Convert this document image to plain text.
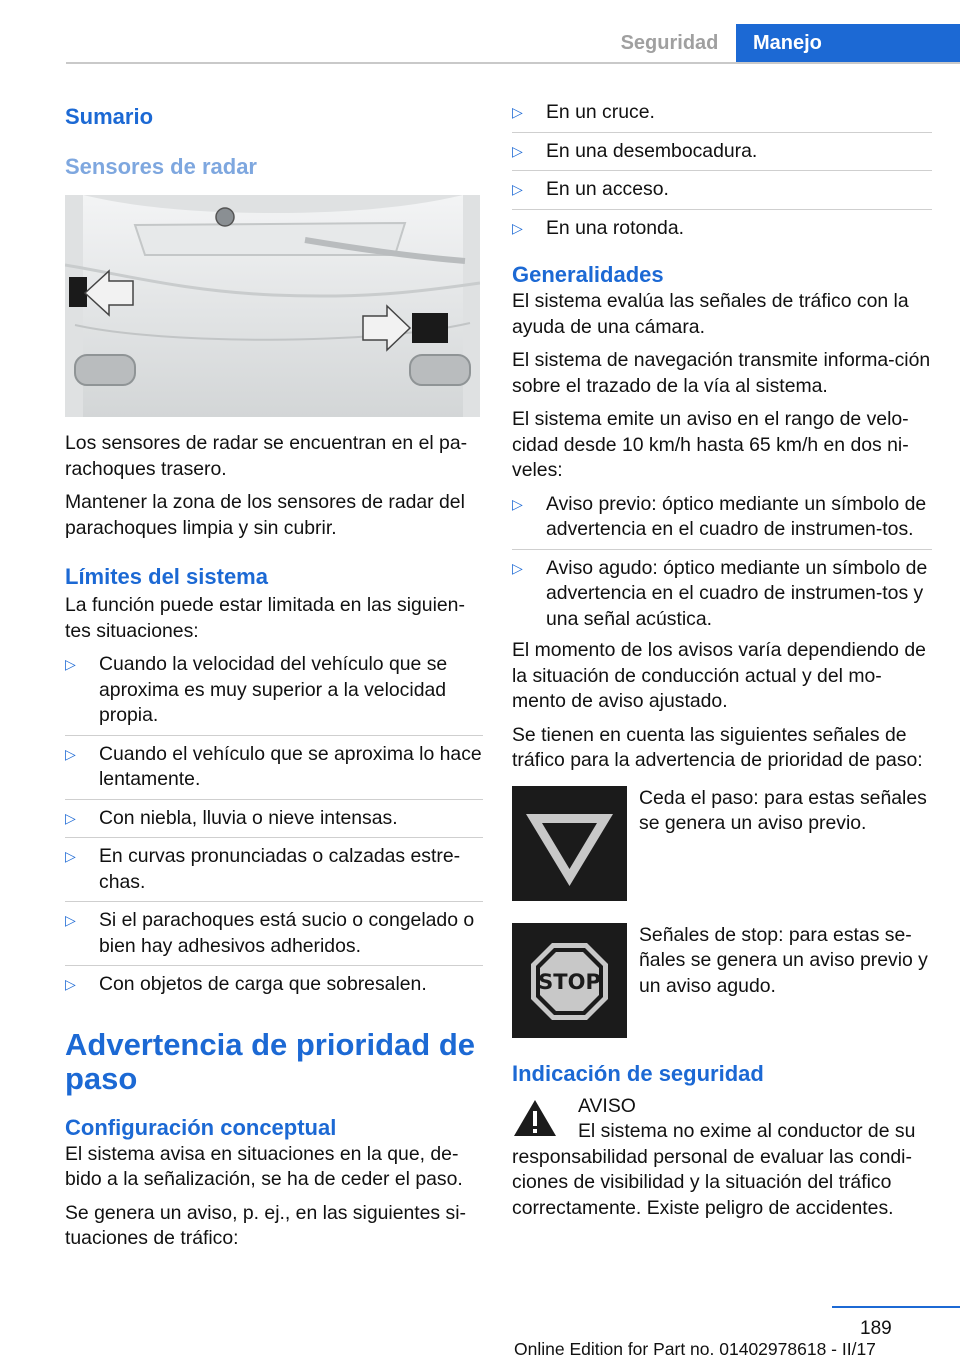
Seguridad	Manejo
Sumario
Sensores de radar
Los sensores de radar se encuentran en el pa-rachoques trasero.
Mantener la zona de los sensores de radar del parachoques limpia y sin cubrir.
Límites del sistema
La función puede estar limitada en las siguien-tes situaciones:
▷ Cuando la velocidad del vehículo que se aproxima es muy superior a la velocidad propia.
▷ Cuando el vehículo que se aproxima lo hace lentamente.
▷ Con niebla, lluvia o nieve intensas.
▷ En curvas pronunciadas o calzadas estre-chas.
▷ Si el parachoques está sucio o congelado o bien hay adhesivos adheridos.
▷ Con objetos de carga que sobresalen.
Advertencia de prioridad de paso
Configuración conceptual
El sistema avisa en situaciones en la que, de-bido a la señalización, se ha de ceder el paso.
Se genera un aviso, p. ej., en las siguientes si-tuaciones de tráfico:
▷ En un cruce.
▷ En una desembocadura.
▷ En un acceso.
▷ En una rotonda.
Generalidades
El sistema evalúa las señales de tráfico con la ayuda de una cámara.
El sistema de navegación transmite informa-ción sobre el trazado de la vía al sistema.
El sistema emite un aviso en el rango de velo-cidad desde 10 km/h hasta 65 km/h en dos ni-veles:
▷ Aviso previo: óptico mediante un símbolo de advertencia en el cuadro de instrumen-tos.
▷ Aviso agudo: óptico mediante un símbolo de advertencia en el cuadro de instrumen-tos y una señal acústica.
El momento de los avisos varía dependiendo de la situación de conducción actual y del mo-mento de aviso ajustado.
Se tienen en cuenta las siguientes señales de tráfico para la advertencia de prioridad de paso:
Ceda el paso: para estas señales se genera un aviso previo.
STOP
Señales de stop: para estas se-ñales se genera un aviso previo y un aviso agudo.
Indicación de seguridad
AVISO
El sistema no exime al conductor de su responsabilidad personal de evaluar las condi-ciones de visibilidad y la situación del tráfico correctamente. Existe peligro de accidentes.
189
Online Edition for Part no. 01402978618 - II/17
